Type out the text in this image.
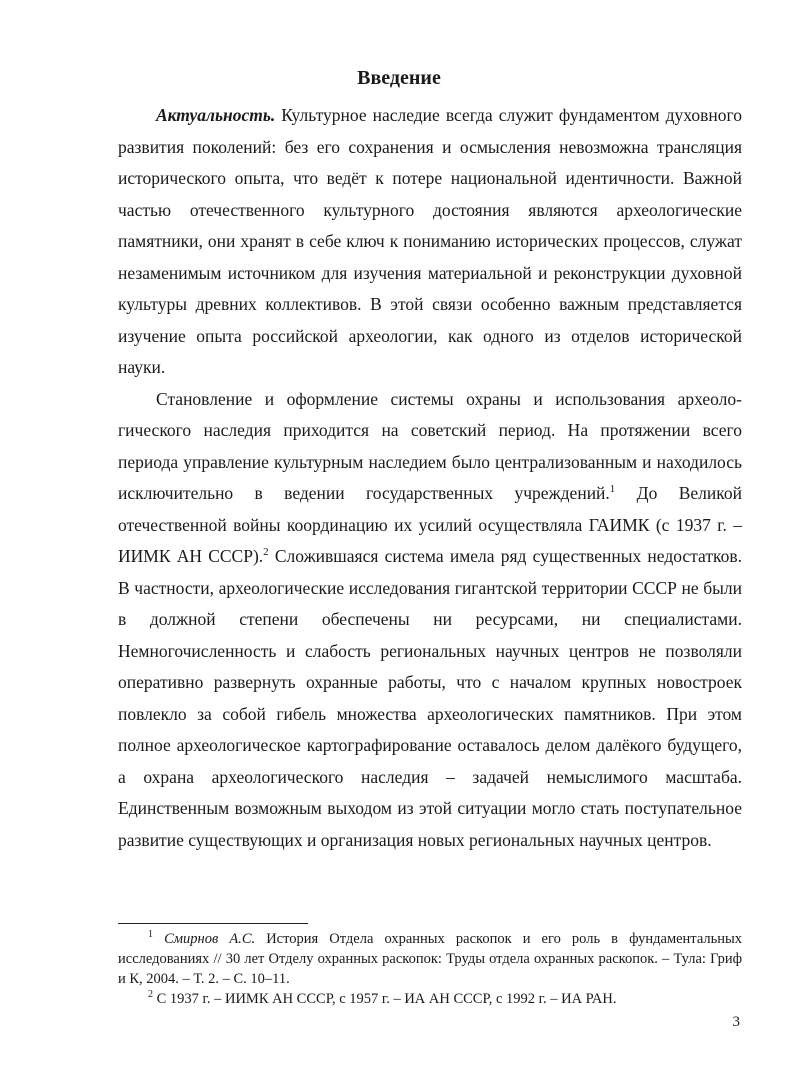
Введение

Актуальность. Культурное наследие всегда служит фундаментом духовного развития поколений: без его сохранения и осмысления невозможна трансляция исторического опыта, что ведёт к потере национальной идентичности. Важной частью отечественного культурного достояния являются археологические памятники, они хранят в себе ключ к пониманию исторических процессов, служат незаменимым источником для изучения материальной и реконструкции духовной культуры древних коллективов. В этой связи особенно важным представляется изучение опыта российской археологии, как одного из отделов исторической науки.

Становление и оформление системы охраны и использования археологического наследия приходится на советский период. На протяжении всего периода управление культурным наследием было централизованным и находилось исключительно в ведении государственных учреждений.$^1$ До Великой отечественной войны координацию их усилий осуществляла ГАИМК (с 1937 г. – ИИМК АН СССР).$^2$ Сложившаяся система имела ряд существенных недостатков. В частности, археологические исследования гигантской территории СССР не были в должной степени обеспечены ни ресурсами, ни специалистами. Немногочисленность и слабость региональных научных центров не позволяли оперативно развернуть охранные работы, что с началом крупных новостроек повлекло за собой гибель множества археологических памятников. При этом полное археологическое картографирование оставалось делом далёкого будущего, а охрана археологического наследия – задачей немыслимого масштаба. Единственным возможным выходом из этой ситуации могло стать поступательное развитие существующих и организация новых региональных научных центров.

$^1$ Смирнов А.С. История Отдела охранных раскопок и его роль в фундаментальных исследованиях // 30 лет Отделу охранных раскопок: Труды отдела охранных раскопок. – Тула: Гриф и К, 2004. – Т. 2. – С. 10–11.

$^2$ С 1937 г. – ИИМК АН СССР, с 1957 г. – ИА АН СССР, с 1992 г. – ИА РАН.

3
